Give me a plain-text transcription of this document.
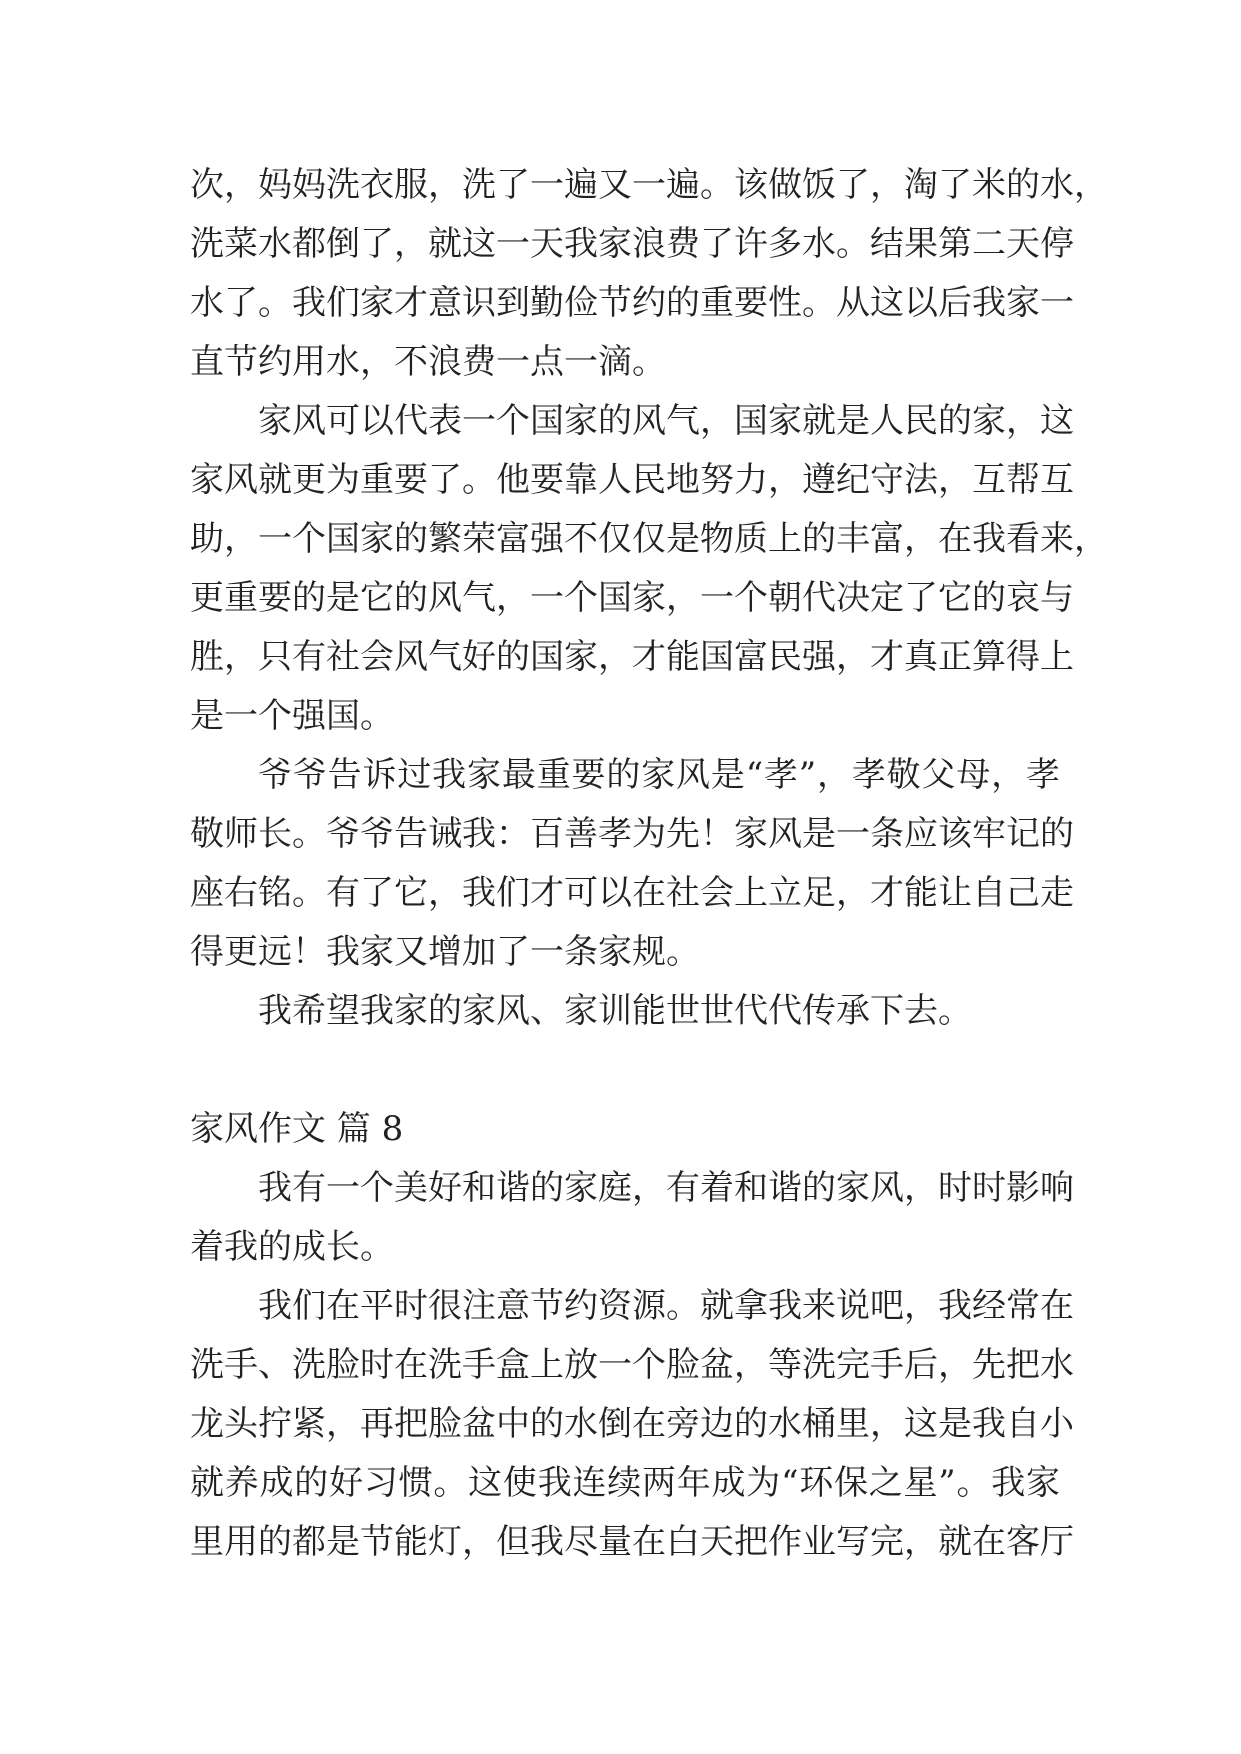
次，妈妈洗衣服，洗了一遍又一遍。该做饭了，淘了米的水，
洗菜水都倒了，就这一天我家浪费了许多水。结果第二天停
水了。我们家才意识到勤俭节约的重要性。从这以后我家一
直节约用水，不浪费一点一滴。
家风可以代表一个国家的风气，国家就是人民的家，这
家风就更为重要了。他要靠人民地努力，遵纪守法，互帮互
助，一个国家的繁荣富强不仅仅是物质上的丰富，在我看来，
更重要的是它的风气，一个国家，一个朝代决定了它的哀与
胜，只有社会风气好的国家，才能国富民强，才真正算得上
是一个强国。
爷爷告诉过我家最重要的家风是“孝”，孝敬父母，孝
敬师长。爷爷告诫我：百善孝为先！家风是一条应该牢记的
座右铭。有了它，我们才可以在社会上立足，才能让自己走
得更远！我家又增加了一条家规。
我希望我家的家风、家训能世世代代传承下去。
家风作文 篇 8
我有一个美好和谐的家庭，有着和谐的家风，时时影响
着我的成长。
我们在平时很注意节约资源。就拿我来说吧，我经常在
洗手、洗脸时在洗手盒上放一个脸盆，等洗完手后，先把水
龙头拧紧，再把脸盆中的水倒在旁边的水桶里，这是我自小
就养成的好习惯。这使我连续两年成为“环保之星”。我家
里用的都是节能灯，但我尽量在白天把作业写完，就在客厅
